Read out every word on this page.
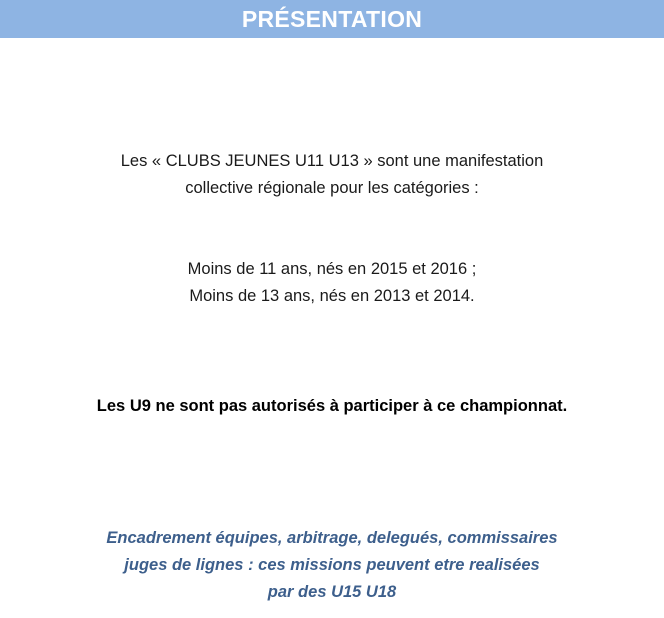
PRÉSENTATION
Les « CLUBS JEUNES U11 U13 » sont une manifestation
collective régionale pour les catégories :
Moins de 11 ans, nés en 2015 et 2016 ;
Moins de 13 ans, nés en 2013 et 2014.
Les U9 ne sont pas autorisés à participer à ce championnat.
Encadrement équipes, arbitrage, delegués, commissaires
juges de lignes : ces missions peuvent etre realisées
par des U15 U18
